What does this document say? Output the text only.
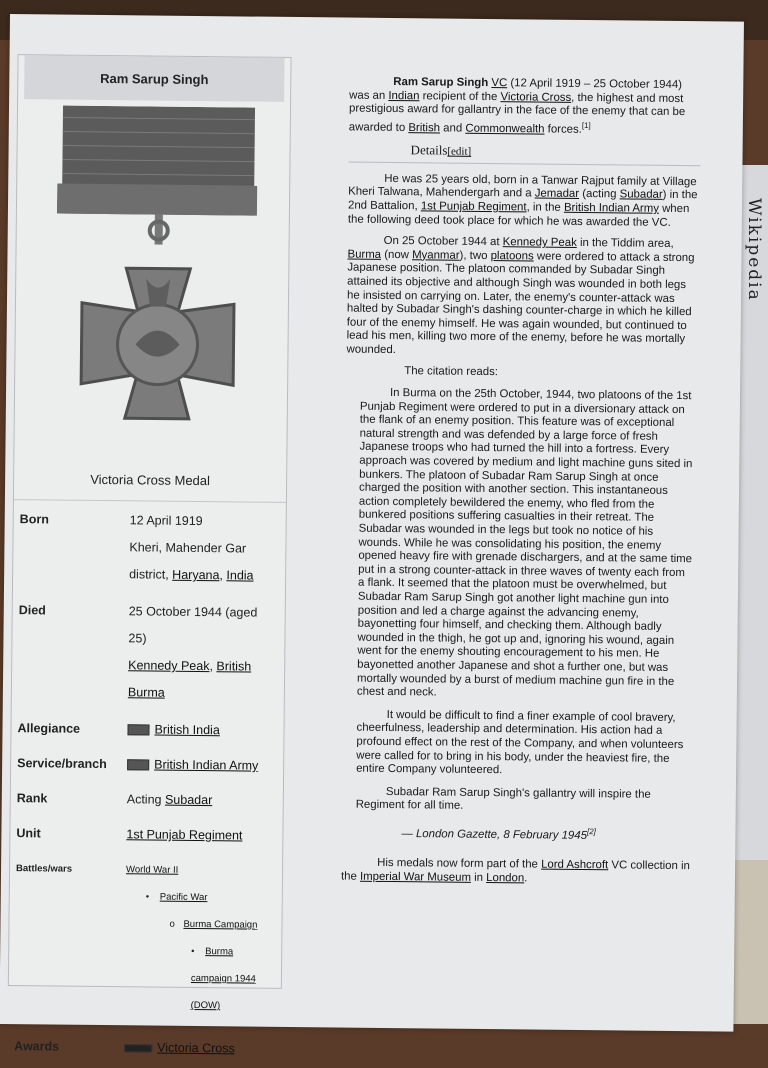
Wikipedia
Ram Sarup Singh
Victoria Cross Medal
Born	12 April 1919
Kheri, Mahender Gar district, Haryana, India
Died	25 October 1944 (aged 25)
Kennedy Peak, British Burma
Allegiance	British India
Service/branch	British Indian Army
Rank	Acting Subadar
Unit	1st Punjab Regiment
Battles/wars	World War II
• Pacific War
o Burma Campaign
• Burma campaign 1944 (DOW)
Awards	Victoria Cross

Ram Sarup Singh VC (12 April 1919 – 25 October 1944) was an Indian recipient of the Victoria Cross, the highest and most prestigious award for gallantry in the face of the enemy that can be awarded to British and Commonwealth forces.[1]

Details[edit]

He was 25 years old, born in a Tanwar Rajput family at Village Kheri Talwana, Mahendergarh and a Jemadar (acting Subadar) in the 2nd Battalion, 1st Punjab Regiment, in the British Indian Army when the following deed took place for which he was awarded the VC.

On 25 October 1944 at Kennedy Peak in the Tiddim area, Burma (now Myanmar), two platoons were ordered to attack a strong Japanese position. The platoon commanded by Subadar Singh attained its objective and although Singh was wounded in both legs he insisted on carrying on. Later, the enemy's counter-attack was halted by Subadar Singh's dashing counter-charge in which he killed four of the enemy himself. He was again wounded, but continued to lead his men, killing two more of the enemy, before he was mortally wounded.

The citation reads:

In Burma on the 25th October, 1944, two platoons of the 1st Punjab Regiment were ordered to put in a diversionary attack on the flank of an enemy position. This feature was of exceptional natural strength and was defended by a large force of fresh Japanese troops who had turned the hill into a fortress. Every approach was covered by medium and light machine guns sited in bunkers. The platoon of Subadar Ram Sarup Singh at once charged the position with another section. This instantaneous action completely bewildered the enemy, who fled from the bunkered positions suffering casualties in their retreat. The Subadar was wounded in the legs but took no notice of his wounds. While he was consolidating his position, the enemy opened heavy fire with grenade dischargers, and at the same time put in a strong counter-attack in three waves of twenty each from a flank. It seemed that the platoon must be overwhelmed, but Subadar Ram Sarup Singh got another light machine gun into position and led a charge against the advancing enemy, bayonetting four himself, and checking them. Although badly wounded in the thigh, he got up and, ignoring his wound, again went for the enemy shouting encouragement to his men. He bayonetted another Japanese and shot a further one, but was mortally wounded by a burst of medium machine gun fire in the chest and neck.

It would be difficult to find a finer example of cool bravery, cheerfulness, leadership and determination. His action had a profound effect on the rest of the Company, and when volunteers were called for to bring in his body, under the heaviest fire, the entire Company volunteered.

Subadar Ram Sarup Singh's gallantry will inspire the Regiment for all time.

— London Gazette, 8 February 1945[2]

His medals now form part of the Lord Ashcroft VC collection in the Imperial War Museum in London.
